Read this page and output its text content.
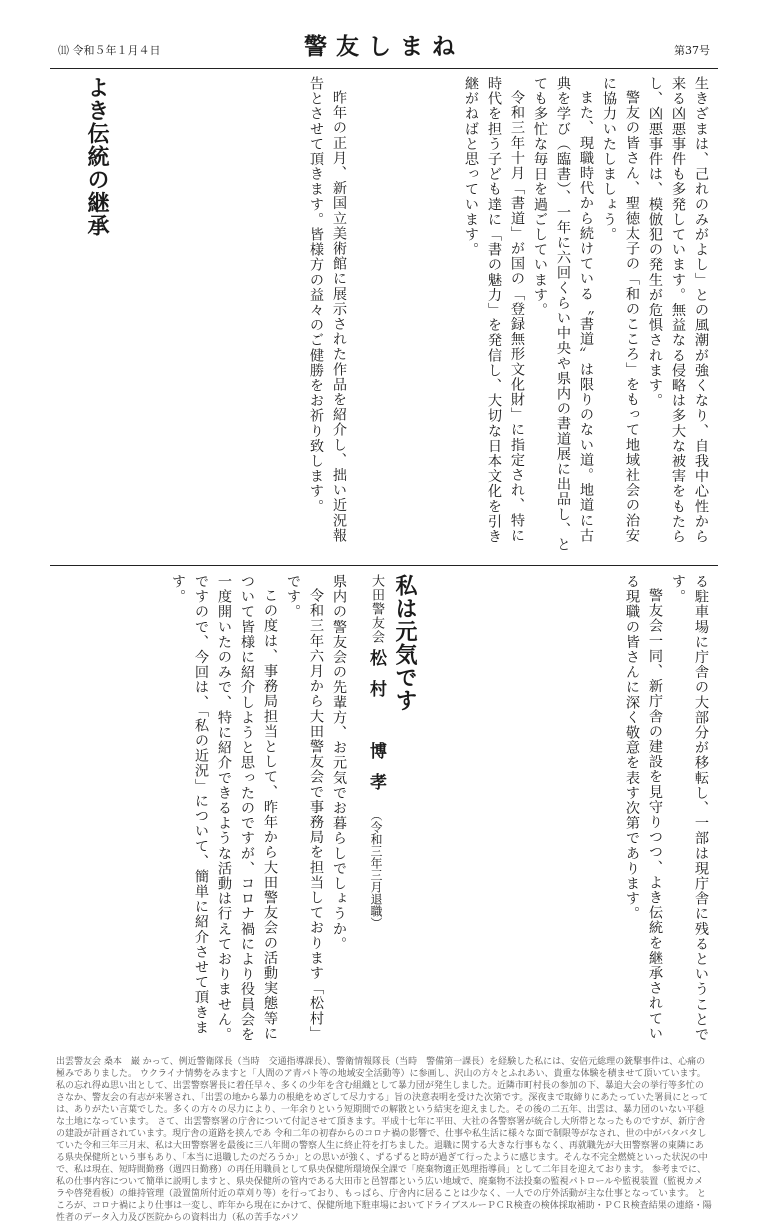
⑾ 令和５年１月４日	警友しまね	第37号

生きざまは、己れのみがよし」との風潮が強くなり、自我中心性から来る凶悪事件も多発しています。無益なる侵略は多大な被害をもたらし、凶悪事件は、模倣犯の発生が危惧されます。

警友の皆さん、聖徳太子の「和のこころ」をもって地域社会の治安に協力いたしましょう。

また、現職時代から続けている〝書道〟は限りのない道。地道に古典を学び（臨書）、一年に六回くらい中央や県内の書道展に出品し、とても多忙な毎日を過ごしています。

令和三年十月「書道」が国の「登録無形文化財」に指定され、特に時代を担う子ども達に「書の魅力」を発信し、大切な日本文化を引き継がねばと思っています。

昨年の正月、新国立美術館に展示された作品を紹介し、拙い近況報告とさせて頂きます。皆様方の益々のご健勝をお祈り致します。

よき伝統の継承

る駐車場に庁舎の大部分が移転し、一部は現庁舎に残るということです。

警友会一同、新庁舎の建設を見守りつつ、よき伝統を継承されている現職の皆さんに深く敬意を表す次第であります。

私は元気です
大田警友会 松村　博孝 （令和三年三月退職）

県内の警友会の先輩方、お元気でお暮らしでしょうか。

令和三年六月から大田警友会で事務局を担当しております「松村」です。

この度は、事務局担当として、昨年から大田警友会の活動実態等について皆様に紹介しようと思ったのですが、コロナ禍により役員会を一度開いたのみで、特に紹介できるような活動は行えておりません。ですので、今回は、「私の近況」について、簡単に紹介させて頂きます。

出雲警友会 桑本　巌 かって、例近警衛隊長（当時　交通指導課長）、警衛情報隊長（当時　警備第一課長）を経験した私には、安倍元総理の銃撃事件は、心痛の極みでありました。 ウクライナ情勢をみますと「人間のア青パト等の地域安全活動等）に参画し、沢山の方々とふれあい、貴重な体験を積ませて頂いています。 私の忘れ得ぬ思い出として、出雲警察署長に着任早々、多くの少年を含む組織として暴力団が発生しました。近隣市町村長の参加の下、暴追大会の挙行等多忙のさなか、警友会の有志が来署され、「出雲の地から暴力の根絶をめざして尽力する」旨の決意表明を受けた次第です。深夜まで取締りにあたっていた署員にとっては、ありがたい言葉でした。多くの方々の尽力により、一年余りという短期間での解散という結実を迎えました。その後の二五年、出雲は、暴力団のいない平穏な土地になっています。 さて、出雲警察署の庁舎について付記させて頂きます。平成十七年に平田、大社の各警察署が統合し大所帯となったものですが、新庁舎の建設が計画されています。現庁舎の道路を挟んであ 令和二年の初春からのコロナ禍の影響で、仕事や私生活に様々な面で制限等がなされ、世の中がバタバタしていた令和三年三月末、私は大田警察署を最後に三八年間の警察人生に終止符を打ちました。退職に関する大きな行事もなく、再就職先が大田警察署の東隣にある県央保健所という事もあり、「本当に退職したのだろうか」との思いが強く、ずるずると時が過ぎて行ったように感じます。そんな不完全燃焼といった状況の中で、私は現在、短時間勤務（週四日勤務）の再任用職員として県央保健所環境保全課で「廃棄物適正処理指導員」として二年目を迎えております。 参考までに、私の仕事内容について簡単に説明しますと、県央保健所の管内である大田市と邑智郡という広い地域で、廃棄物不法投棄の監視パトロールや監視装置（監視カメラや啓発看板）の維持管理（設置箇所付近の草刈り等）を行っており、もっぱら、庁舎内に居ることは少なく、一人での庁外活動が主な仕事となっています。 ところが、コロナ禍により仕事は一変し、昨年から現在にかけて、保健所地下駐車場においてドライブスルーＰＣＲ検査の検体採取補助・ＰＣＲ検査結果の連絡・陽性者のデータ入力及び医院からの資料出力（私の苦手なパソ
